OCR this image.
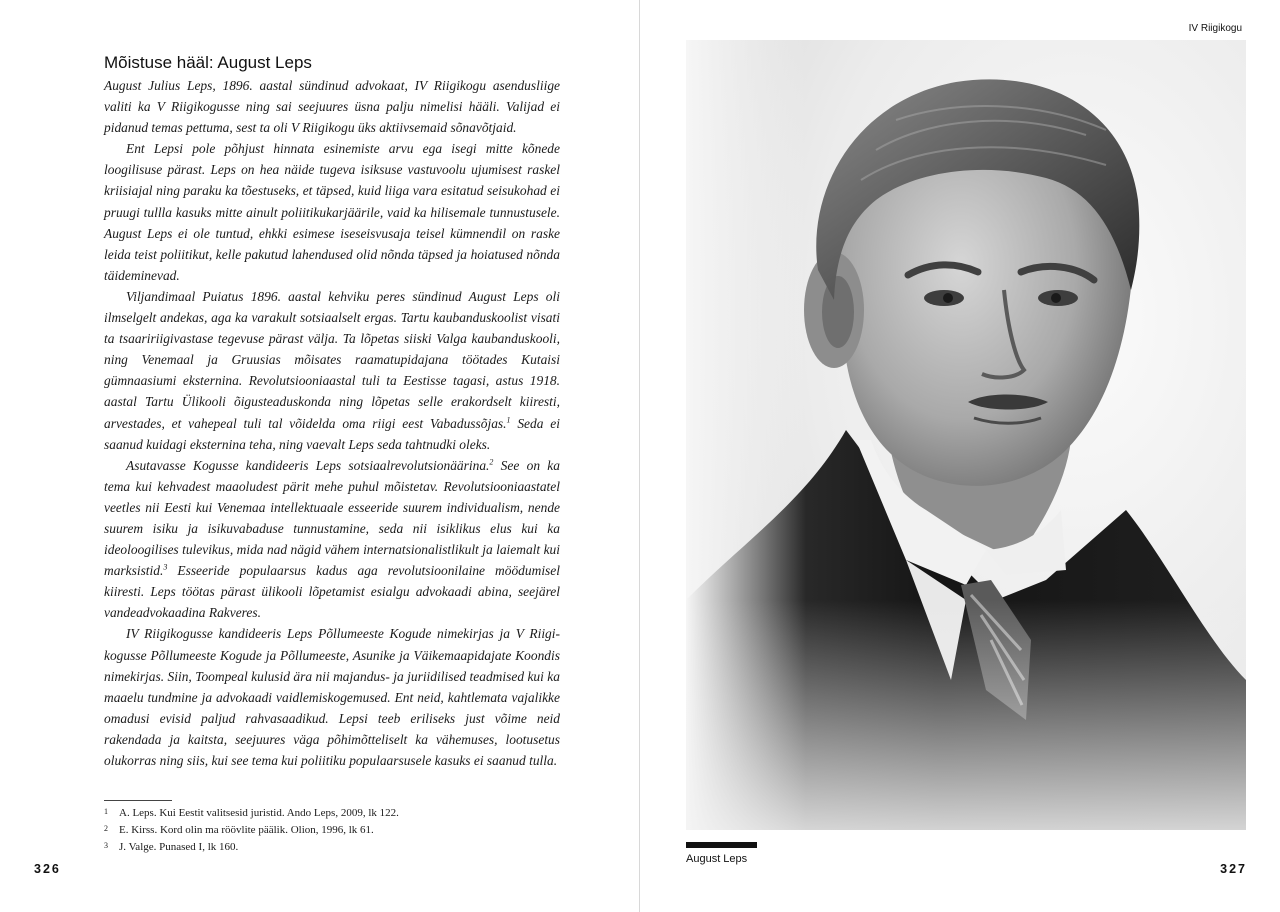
Mõistuse hääl: August Leps

August Julius Leps, 1896. aastal sündinud advokaat, IV Riigikogu asendusliige valiti ka V Riigikogusse ning sai seejuures üsna palju nimelisi hääli. Valijad ei pidanud temas pettuma, sest ta oli V Riigikogu üks aktiivsemaid sõnavõtjaid.

Ent Lepsi pole põhjust hinnata esinemiste arvu ega isegi mitte kõnede loogilisuse pärast. Leps on hea näide tugeva isiksuse vastuvoolu ujumisest raskel kriisiajal ning paraku ka tõestuseks, et täpsed, kuid liiga vara esitatud seisukohad ei pruugi tullla kasuks mitte ainult poliitikukarjäärile, vaid ka hilisemale tunnustusele. August Leps ei ole tuntud, ehkki esimese iseseisvusaja teisel kümnendil on raske leida teist poliitikut, kelle pakutud lahendused olid nõnda täpsed ja hoiatused nõnda täideminevad.

Viljandimaal Puiatus 1896. aastal kehviku peres sündinud August Leps oli ilmselgelt andekas, aga ka varakult sotsiaalselt ergas. Tartu kaubanduskoolist visati ta tsaaririigivastase tegevuse pärast välja. Ta lõpetas siiski Valga kaubanduskooli, ning Venemaal ja Gruusias mõisates raamatupidajana töötades Kutaisi gümnaasiumi eksternina. Revolutsiooniaastal tuli ta Eestisse tagasi, astus 1918. aastal Tartu Ülikooli õigusteaduskonda ning lõpetas selle erakordselt kiiresti, arvestades, et vahepeal tuli tal võidelda oma riigi eest Vabadussõjas.$^1$ Seda ei saanud kuidagi eksternina teha, ning vaevalt Leps seda tahtnudki oleks.

Asutavasse Kogusse kandideeris Leps sotsiaalrevolutsionäärina.$^2$ See on ka tema kui kehvadest maaoludest pärit mehe puhul mõistetav. Revolutsiooniaastatel veetles nii Eesti kui Venemaa intellektuaale esseeride suurem individualism, nende suurem isiku ja isikuvabaduse tunnustamine, seda nii isiklikus elus kui ka ideoloogilises tulevikus, mida nad nägid vähem internatsionalistlikult ja laiemalt kui marksistid.$^3$ Esseeride populaarsus kadus aga revolutsioonilaine möödumisel kiiresti. Leps töötas pärast ülikooli lõpetamist esialgu advokaadi abina, seejärel vandeadvokaadina Rakveres.

IV Riigikogusse kandideeris Leps Põllumeeste Kogude nimekirjas ja V Riigikogusse Põllumeeste Kogude ja Põllumeeste, Asunike ja Väikemaapidajate Koondis nimekirjas. Siin, Toompeal kulusid ära nii majandus- ja juriidilised teadmised kui ka maaelu tundmine ja advokaadi vaidlemiskogemused. Ent neid, kahtlemata vajalikke omadusi evisid paljud rahvasaadikud. Lepsi teeb eriliseks just võime neid rakendada ja kaitsta, seejuures väga põhimõtteliselt ka vähemuses, lootusetus olukorras ning siis, kui see tema kui poliitiku populaarsusele kasuks ei saanud tulla.

1 A. Leps. Kui Eestit valitsesid juristid. Ando Leps, 2009, lk 122.
2 E. Kirss. Kord olin ma röövlite päälik. Olion, 1996, lk 61.
3 J. Valge. Punased I, lk 160.
326
IV Riigikogu
August Leps
327
